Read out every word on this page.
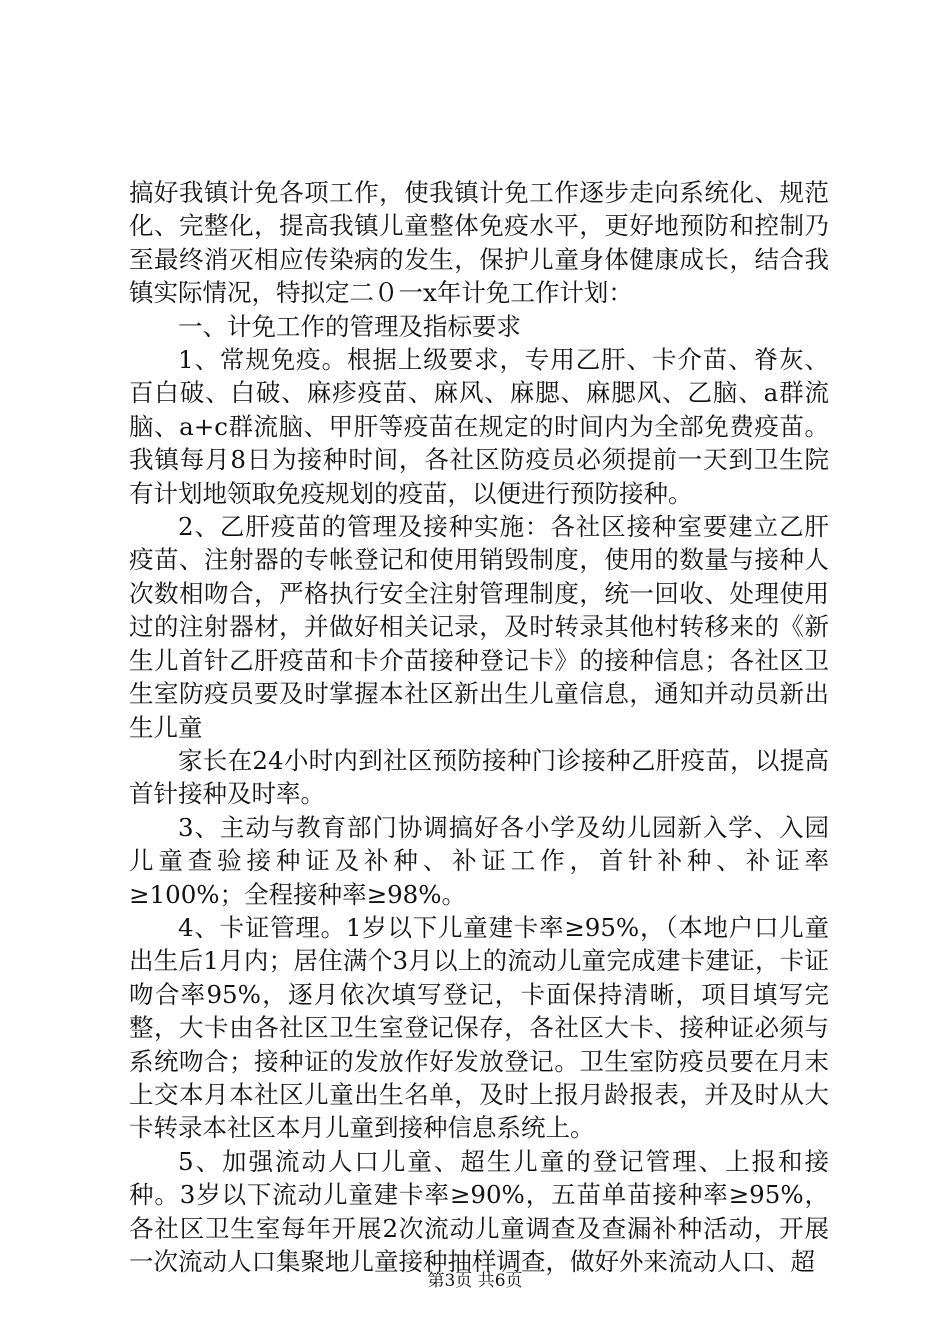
搞好我镇计免各项工作，使我镇计免工作逐步走向系统化、规范化、完整化，提高我镇儿童整体免疫水平，更好地预防和控制乃至最终消灭相应传染病的发生，保护儿童身体健康成长，结合我镇实际情况，特拟定二０一x年计免工作计划：

一、计免工作的管理及指标要求

1、常规免疫。根据上级要求，专用乙肝、卡介苗、脊灰、百白破、白破、麻疹疫苗、麻风、麻腮、麻腮风、乙脑、a群流脑、a+c群流脑、甲肝等疫苗在规定的时间内为全部免费疫苗。我镇每月8日为接种时间，各社区防疫员必须提前一天到卫生院有计划地领取免疫规划的疫苗，以便进行预防接种。

2、乙肝疫苗的管理及接种实施：各社区接种室要建立乙肝疫苗、注射器的专帐登记和使用销毁制度，使用的数量与接种人次数相吻合，严格执行安全注射管理制度，统一回收、处理使用过的注射器材，并做好相关记录，及时转录其他村转移来的《新生儿首针乙肝疫苗和卡介苗接种登记卡》的接种信息；各社区卫生室防疫员要及时掌握本社区新出生儿童信息，通知并动员新出生儿童

家长在24小时内到社区预防接种门诊接种乙肝疫苗，以提高首针接种及时率。

3、主动与教育部门协调搞好各小学及幼儿园新入学、入园儿童查验接种证及补种、补证工作，首针补种、补证率≥100%；全程接种率≥98%。

4、卡证管理。1岁以下儿童建卡率≥95%，（本地户口儿童出生后1月内；居住满个3月以上的流动儿童完成建卡建证，卡证吻合率95%，逐月依次填写登记，卡面保持清晰，项目填写完整，大卡由各社区卫生室登记保存，各社区大卡、接种证必须与系统吻合；接种证的发放作好发放登记。卫生室防疫员要在月末上交本月本社区儿童出生名单，及时上报月龄报表，并及时从大卡转录本社区本月儿童到接种信息系统上。

5、加强流动人口儿童、超生儿童的登记管理、上报和接种。3岁以下流动儿童建卡率≥90%，五苗单苗接种率≥95%，各社区卫生室每年开展2次流动儿童调查及查漏补种活动，开展一次流动人口集聚地儿童接种抽样调查，做好外来流动人口、超

第3页 共6页
